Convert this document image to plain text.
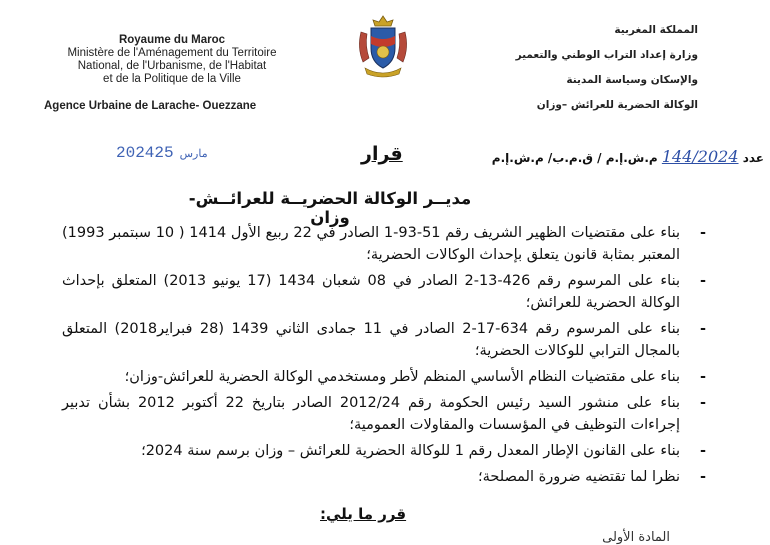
Royaume du Maroc
Ministère de l'Aménagement du Territoire
National, de l'Urbanisme, de l'Habitat
et de la Politique de la Ville
Agence Urbaine de Larache- Ouezzane
المملكة المغربية
وزارة إعداد التراب الوطني والتعمير
والإسكان وسياسة المدينة
الوكالة الحضرية للعرائش –وزان
2024 مارس25	قرار	عدد 144/2024 م.ش.إ.م / ق.م.ب/ م.ش.إ.م
مديــر الوكالة الحضريــة للعرائــش-وزان
- بناء على مقتضيات الظهير الشريف رقم 51-93-1 الصادر في 22 ربيع الأول 1414 ( 10 سبتمبر 1993) المعتبر بمثابة قانون يتعلق بإحداث الوكالات الحضرية؛
- بناء على المرسوم رقم 426-13-2 الصادر في 08 شعبان 1434 (17 يونيو 2013) المتعلق بإحداث الوكالة الحضرية للعرائش؛
- بناء على المرسوم رقم 634-17-2 الصادر في 11 جمادى الثاني 1439 (28 فبراير2018) المتعلق بالمجال الترابي للوكالات الحضرية؛
- بناء على مقتضيات النظام الأساسي المنظم لأطر ومستخدمي الوكالة الحضرية للعرائش-وزان؛
- بناء على منشور السيد رئيس الحكومة رقم 2012/24 الصادر بتاريخ 22 أكتوبر 2012 بشأن تدبير إجراءات التوظيف في المؤسسات والمقاولات العمومية؛
- بناء على القانون الإطار المعدل رقم 1 للوكالة الحضرية للعرائش – وزان برسم سنة 2024؛
- نظرا لما تقتضيه ضرورة المصلحة؛
قرر ما يلي:
المادة الأولى
